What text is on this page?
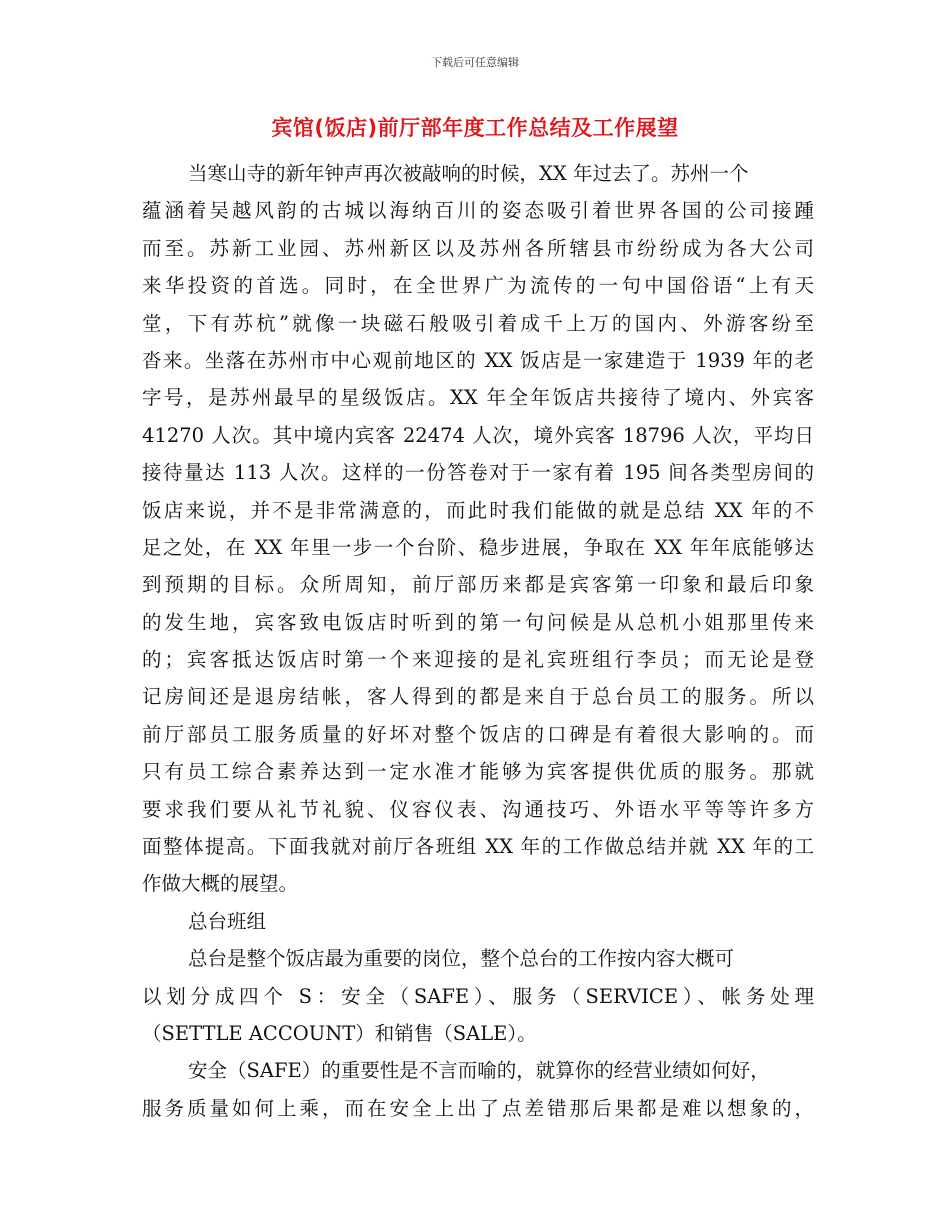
下载后可任意编辑
宾馆(饭店)前厅部年度工作总结及工作展望
当寒山寺的新年钟声再次被敲响的时候，XX 年过去了。苏州一个
蕴涵着吴越风韵的古城以海纳百川的姿态吸引着世界各国的公司接踵
而至。苏新工业园、苏州新区以及苏州各所辖县市纷纷成为各大公司
来华投资的首选。同时，在全世界广为流传的一句中国俗语“上有天
堂，下有苏杭”就像一块磁石般吸引着成千上万的国内、外游客纷至
沓来。坐落在苏州市中心观前地区的 XX 饭店是一家建造于 1939 年的老
字号，是苏州最早的星级饭店。XX 年全年饭店共接待了境内、外宾客
41270 人次。其中境内宾客 22474 人次，境外宾客 18796 人次，平均日
接待量达 113 人次。这样的一份答卷对于一家有着 195 间各类型房间的
饭店来说，并不是非常满意的，而此时我们能做的就是总结 XX 年的不
足之处，在 XX 年里一步一个台阶、稳步进展，争取在 XX 年年底能够达
到预期的目标。众所周知，前厅部历来都是宾客第一印象和最后印象
的发生地，宾客致电饭店时听到的第一句问候是从总机小姐那里传来
的；宾客抵达饭店时第一个来迎接的是礼宾班组行李员；而无论是登
记房间还是退房结帐，客人得到的都是来自于总台员工的服务。所以
前厅部员工服务质量的好坏对整个饭店的口碑是有着很大影响的。而
只有员工综合素养达到一定水准才能够为宾客提供优质的服务。那就
要求我们要从礼节礼貌、仪容仪表、沟通技巧、外语水平等等许多方
面整体提高。下面我就对前厅各班组 XX 年的工作做总结并就 XX 年的工
作做大概的展望。
总台班组
总台是整个饭店最为重要的岗位，整个总台的工作按内容大概可
以划分成四个 S：安全（SAFE）、服务（SERVICE）、帐务处理
（SETTLE ACCOUNT）和销售（SALE）。
安全（SAFE）的重要性是不言而喻的，就算你的经营业绩如何好，
服务质量如何上乘，而在安全上出了点差错那后果都是难以想象的，
